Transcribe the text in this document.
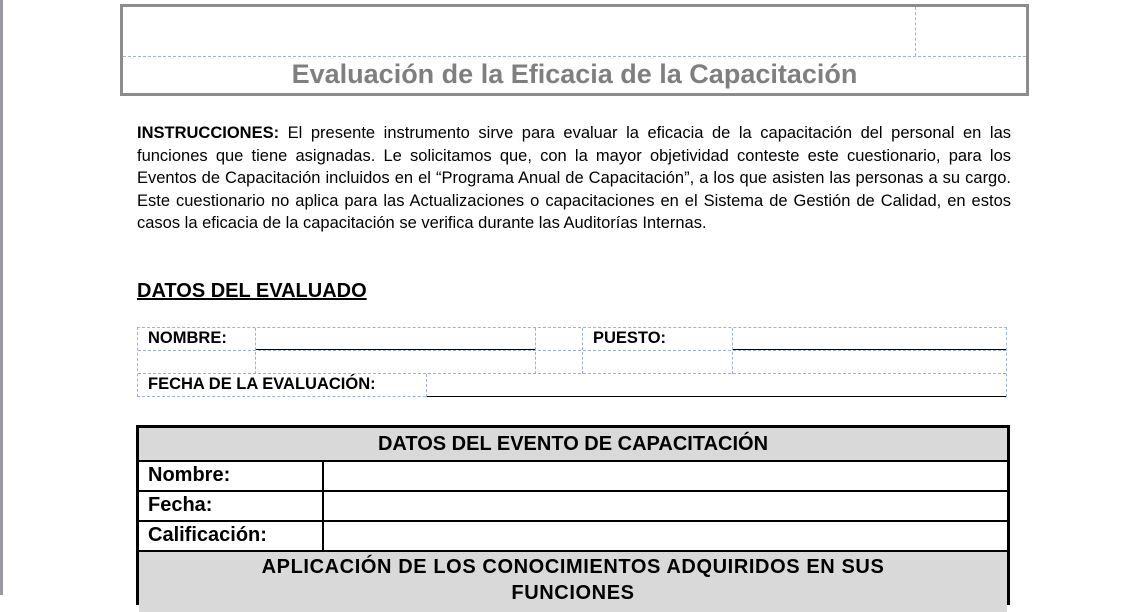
Evaluación de la Eficacia de la Capacitación
INSTRUCCIONES: El presente instrumento sirve para evaluar la eficacia de la capacitación del personal en las funciones que tiene asignadas. Le solicitamos que, con la mayor objetividad conteste este cuestionario, para los Eventos de Capacitación incluidos en el “Programa Anual de Capacitación”, a los que asisten las personas a su cargo. Este cuestionario no aplica para las Actualizaciones o capacitaciones en el Sistema de Gestión de Calidad, en estos casos la eficacia de la capacitación se verifica durante las Auditorías Internas.
DATOS DEL EVALUADO
NOMBRE:	PUESTO:
FECHA DE LA EVALUACIÓN:
DATOS DEL EVENTO DE CAPACITACIÓN
Nombre:
Fecha:
Calificación:
APLICACIÓN DE LOS CONOCIMIENTOS ADQUIRIDOS EN SUS FUNCIONES
